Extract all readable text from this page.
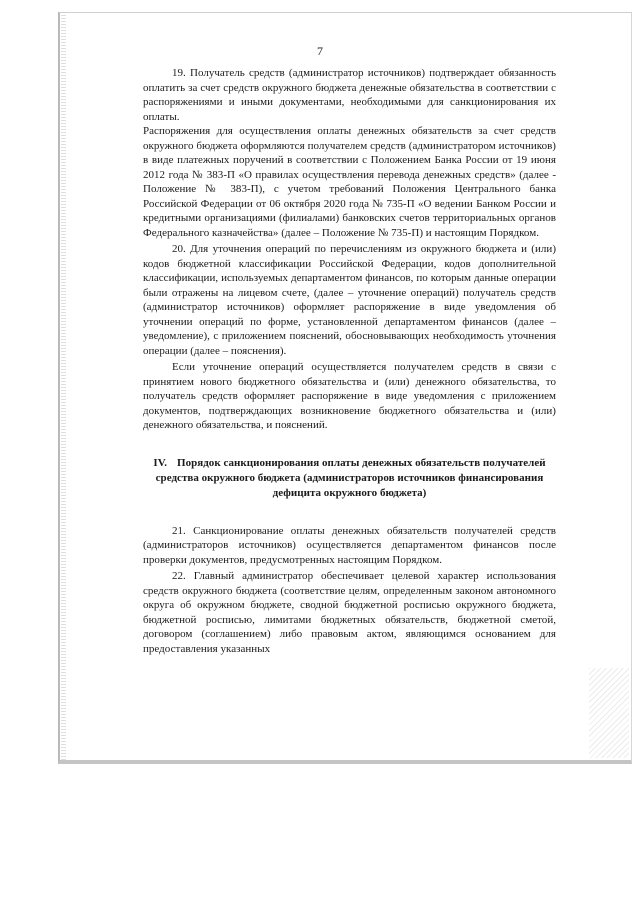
7

19. Получатель средств (администратор источников) подтверждает обязанность оплатить за счет средств окружного бюджета денежные обязательства в соответствии с распоряжениями и иными документами, необходимыми для санкционирования их оплаты.

Распоряжения для осуществления оплаты денежных обязательств за счет средств окружного бюджета оформляются получателем средств (администратором источников) в виде платежных поручений в соответствии с Положением Банка России от 19 июня 2012 года № 383-П «О правилах осуществления перевода денежных средств» (далее - Положение № 383-П), с учетом требований Положения Центрального банка Российской Федерации от 06 октября 2020 года № 735-П «О ведении Банком России и кредитными организациями (филиалами) банковских счетов территориальных органов Федерального казначейства» (далее – Положение № 735-П) и настоящим Порядком.

20. Для уточнения операций по перечислениям из окружного бюджета и (или) кодов бюджетной классификации Российской Федерации, кодов дополнительной классификации, используемых департаментом финансов, по которым данные операции были отражены на лицевом счете, (далее – уточнение операций) получатель средств (администратор источников) оформляет распоряжение в виде уведомления об уточнении операций по форме, установленной департаментом финансов (далее – уведомление), с приложением пояснений, обосновывающих необходимость уточнения операции (далее – пояснения).

Если уточнение операций осуществляется получателем средств в связи с принятием нового бюджетного обязательства и (или) денежного обязательства, то получатель средств оформляет распоряжение в виде уведомления с приложением документов, подтверждающих возникновение бюджетного обязательства и (или) денежного обязательства, и пояснений.

IV. Порядок санкционирования оплаты денежных обязательств получателей средства окружного бюджета (администраторов источников финансирования дефицита окружного бюджета)

21. Санкционирование оплаты денежных обязательств получателей средств (администраторов источников) осуществляется департаментом финансов после проверки документов, предусмотренных настоящим Порядком.

22. Главный администратор обеспечивает целевой характер использования средств окружного бюджета (соответствие целям, определенным законом автономного округа об окружном бюджете, сводной бюджетной росписью окружного бюджета, бюджетной росписью, лимитами бюджетных обязательств, бюджетной сметой, договором (соглашением) либо правовым актом, являющимся основанием для предоставления указанных
